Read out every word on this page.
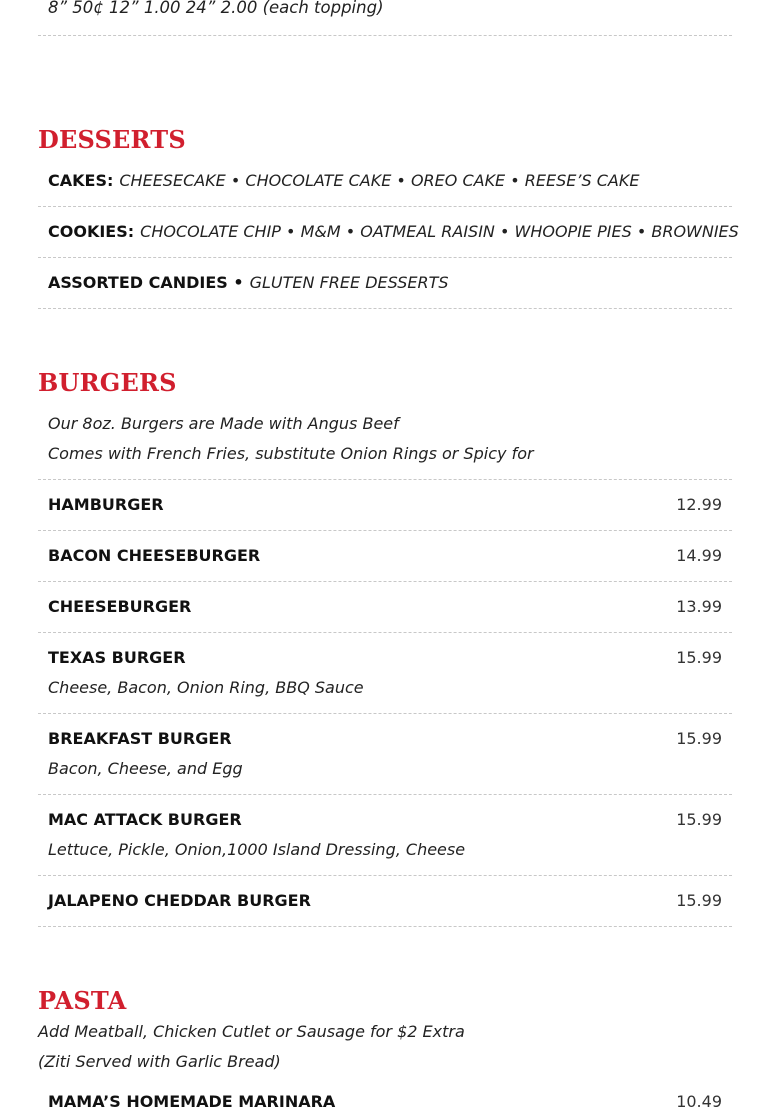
8” 50¢ 12” 1.00 24” 2.00 (each topping)
DESSERTS
CAKES: CHEESECAKE • CHOCOLATE CAKE • OREO CAKE • REESE’S CAKE
COOKIES: CHOCOLATE CHIP • M&M • OATMEAL RAISIN • WHOOPIE PIES • BROWNIES
ASSORTED CANDIES • GLUTEN FREE DESSERTS
BURGERS
Our 8oz. Burgers are Made with Angus Beef
Comes with French Fries, substitute Onion Rings or Spicy for
HAMBURGER	12.99
BACON CHEESEBURGER	14.99
CHEESEBURGER	13.99
TEXAS BURGER	15.99
Cheese, Bacon, Onion Ring, BBQ Sauce
BREAKFAST BURGER	15.99
Bacon, Cheese, and Egg
MAC ATTACK BURGER	15.99
Lettuce, Pickle, Onion,1000 Island Dressing, Cheese
JALAPENO CHEDDAR BURGER	15.99
PASTA
Add Meatball, Chicken Cutlet or Sausage for $2 Extra
(Ziti Served with Garlic Bread)
MAMA’S HOMEMADE MARINARA	10.49
